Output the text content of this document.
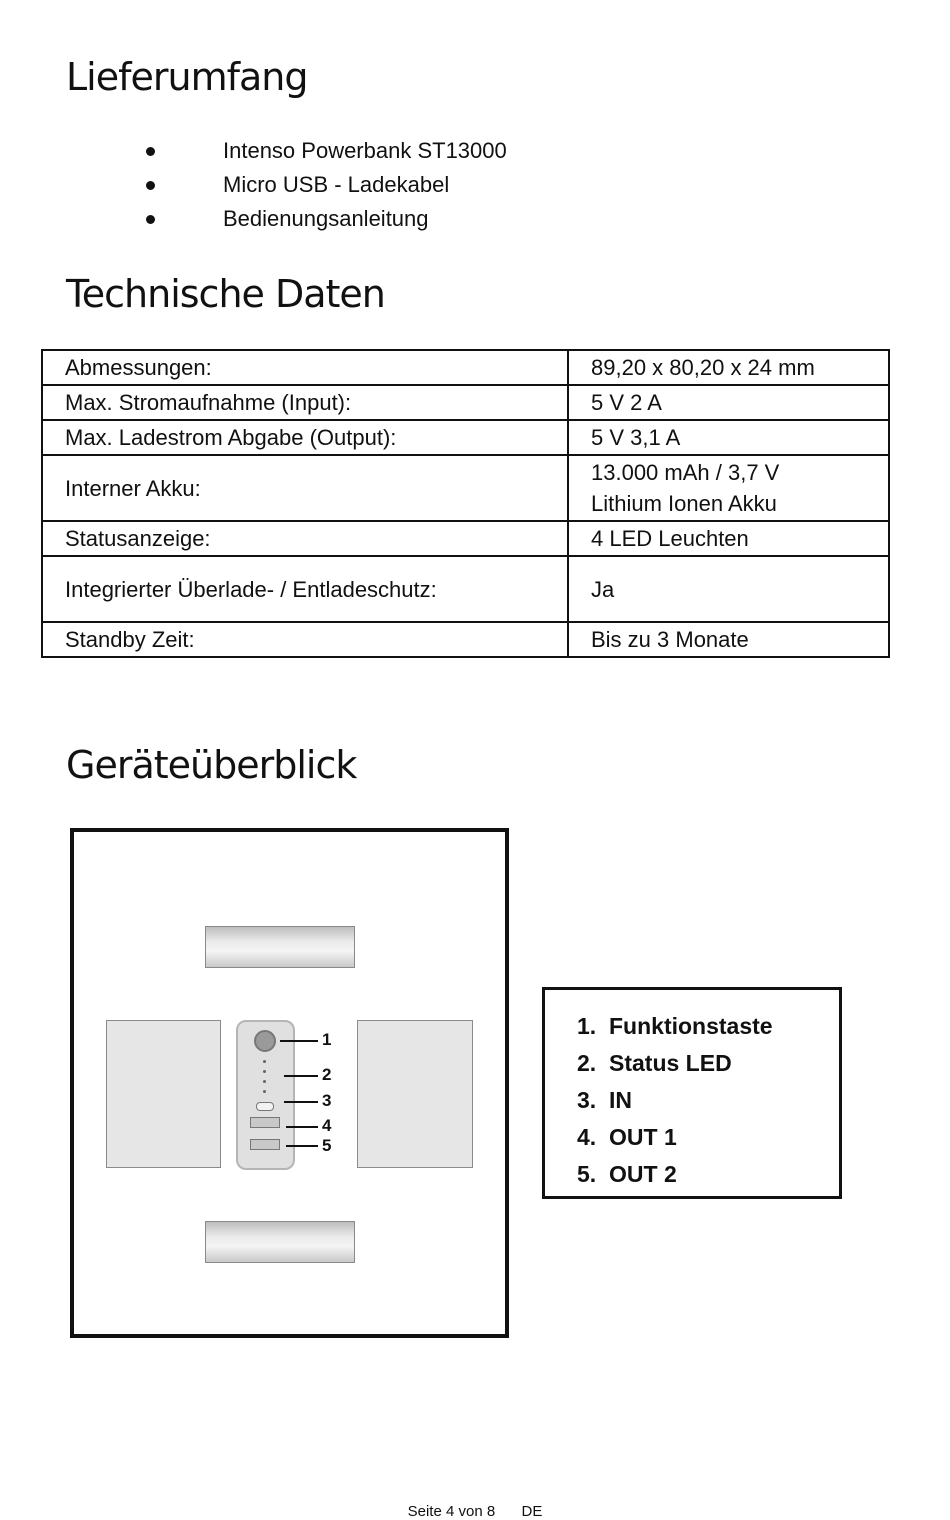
Lieferumfang
Intenso Powerbank ST13000
Micro USB - Ladekabel
Bedienungsanleitung
Technische Daten
Abmessungen:	89,20 x 80,20 x 24 mm
Max. Stromaufnahme (Input):	5 V 2 A
Max. Ladestrom Abgabe (Output):	5 V 3,1 A
Interner Akku:	13.000 mAh / 3,7 V Lithium Ionen Akku
Statusanzeige:	4 LED Leuchten
Integrierter Überlade- / Entladeschutz:	Ja
Standby Zeit:	Bis zu 3 Monate
Geräteüberblick
1
2
3
4
5
1. Funktionstaste
2. Status LED
3. IN
4. OUT 1
5. OUT 2
Seite 4 von 8 DE
